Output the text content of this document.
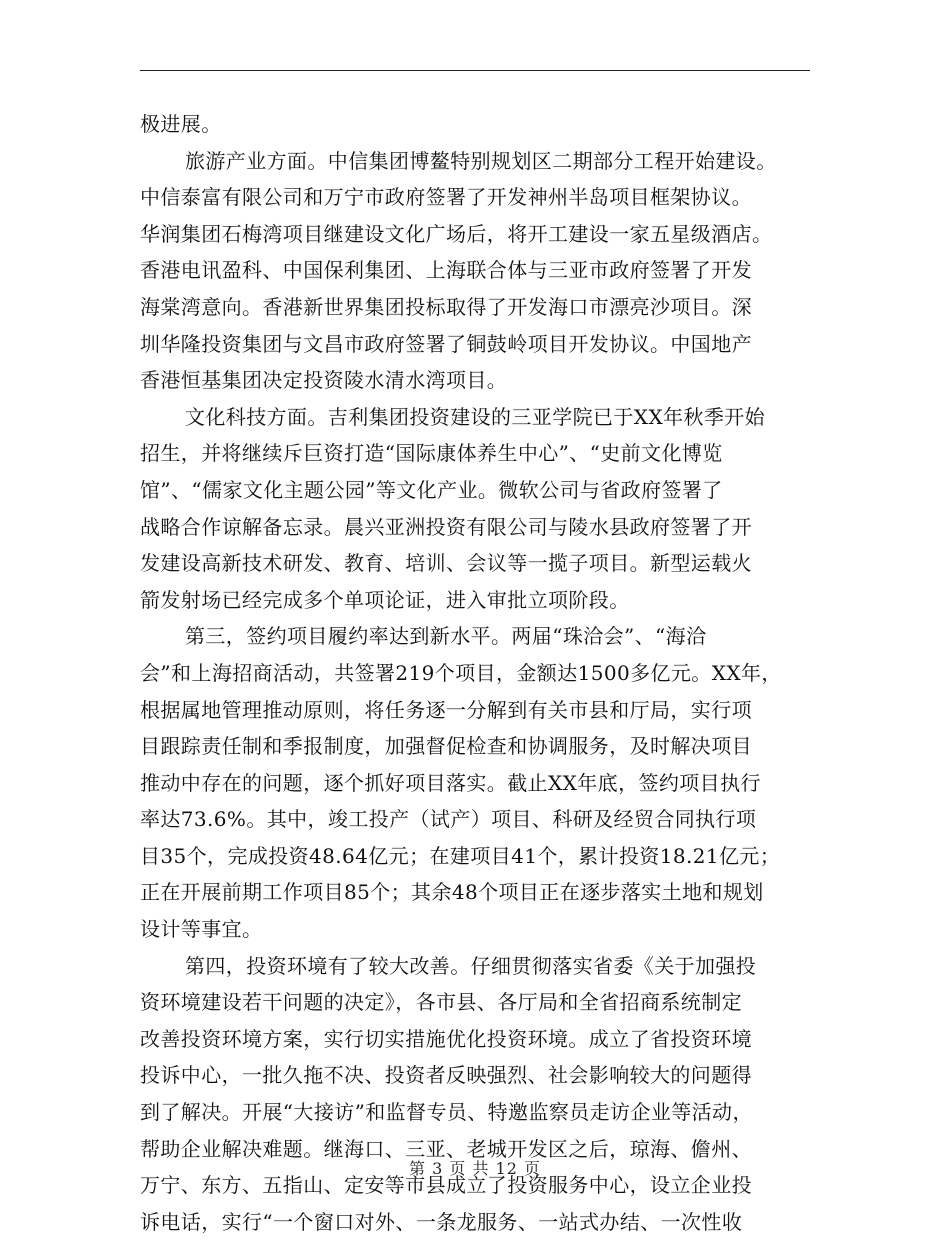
极进展。
旅游产业方面。中信集团博鳌特别规划区二期部分工程开始建设。
中信泰富有限公司和万宁市政府签署了开发神州半岛项目框架协议。
华润集团石梅湾项目继建设文化广场后，将开工建设一家五星级酒店。
香港电讯盈科、中国保利集团、上海联合体与三亚市政府签署了开发
海棠湾意向。香港新世界集团投标取得了开发海口市漂亮沙项目。深
圳华隆投资集团与文昌市政府签署了铜鼓岭项目开发协议。中国地产
香港恒基集团决定投资陵水清水湾项目。
文化科技方面。吉利集团投资建设的三亚学院已于XX年秋季开始
招生，并将继续斥巨资打造“国际康体养生中心”、“史前文化博览
馆”、“儒家文化主题公园”等文化产业。微软公司与省政府签署了
战略合作谅解备忘录。晨兴亚洲投资有限公司与陵水县政府签署了开
发建设高新技术研发、教育、培训、会议等一揽子项目。新型运载火
箭发射场已经完成多个单项论证，进入审批立项阶段。
第三，签约项目履约率达到新水平。两届“珠洽会”、“海洽
会”和上海招商活动，共签署219个项目，金额达1500多亿元。XX年，
根据属地管理推动原则，将任务逐一分解到有关市县和厅局，实行项
目跟踪责任制和季报制度，加强督促检查和协调服务，及时解决项目
推动中存在的问题，逐个抓好项目落实。截止XX年底，签约项目执行
率达73.6%。其中，竣工投产（试产）项目、科研及经贸合同执行项
目35个，完成投资48.64亿元；在建项目41个，累计投资18.21亿元；
正在开展前期工作项目85个；其余48个项目正在逐步落实土地和规划
设计等事宜。
第四，投资环境有了较大改善。仔细贯彻落实省委《关于加强投
资环境建设若干问题的决定》，各市县、各厅局和全省招商系统制定
改善投资环境方案，实行切实措施优化投资环境。成立了省投资环境
投诉中心，一批久拖不决、投资者反映强烈、社会影响较大的问题得
到了解决。开展“大接访”和监督专员、特邀监察员走访企业等活动，
帮助企业解决难题。继海口、三亚、老城开发区之后，琼海、儋州、
万宁、东方、五指山、定安等市县成立了投资服务中心，设立企业投
诉电话，实行“一个窗口对外、一条龙服务、一站式办结、一次性收
第 3 页 共 12 页
